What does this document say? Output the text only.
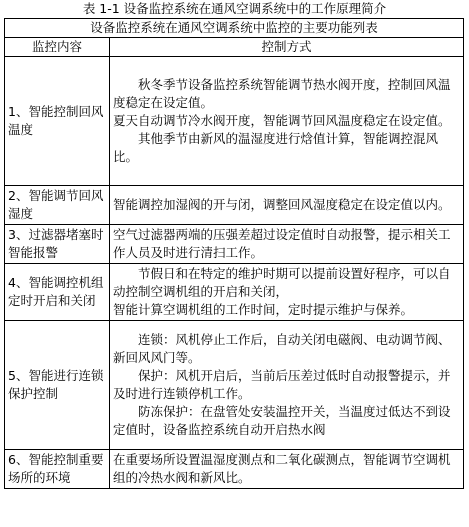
表 1-1 设备监控系统在通风空调系统中的工作原理简介
设备监控系统在通风空调系统中监控的主要功能列表	
监控内容	控制方式
1、智能控制回风温度	秋冬季节设备监控系统智能调节热水阀开度，控制回风温度稳定在设定值。

夏天自动调节冷水阀开度，智能调节回风温度稳定在设定值。

其他季节由新风的温湿度进行焓值计算，智能调控混风比。

2、智能调节回风湿度	智能调控加湿阀的开与闭，调整回风湿度稳定在设定值以内。

3、过滤器堵塞时智能报警	空气过滤器两端的压强差超过设定值时自动报警，提示相关工作人员及时进行清扫工作。

4、智能调控机组定时开启和关闭	节假日和在特定的维护时期可以提前设置好程序，可以自动控制空调机组的开启和关闭，

智能计算空调机组的工作时间，定时提示维护与保养。

5、智能进行连锁保护控制	连锁：风机停止工作后，自动关闭电磁阀、电动调节阀、新回风风门等。

保护：风机开启后，当前后压差过低时自动报警提示，并及时进行连锁停机工作。

防冻保护：在盘管处安装温控开关，当温度过低达不到设定值时，设备监控系统自动开启热水阀

6、智能控制重要场所的环境	在重要场所设置温湿度测点和二氧化碳测点，智能调节空调机组的冷热水阀和新风比。
